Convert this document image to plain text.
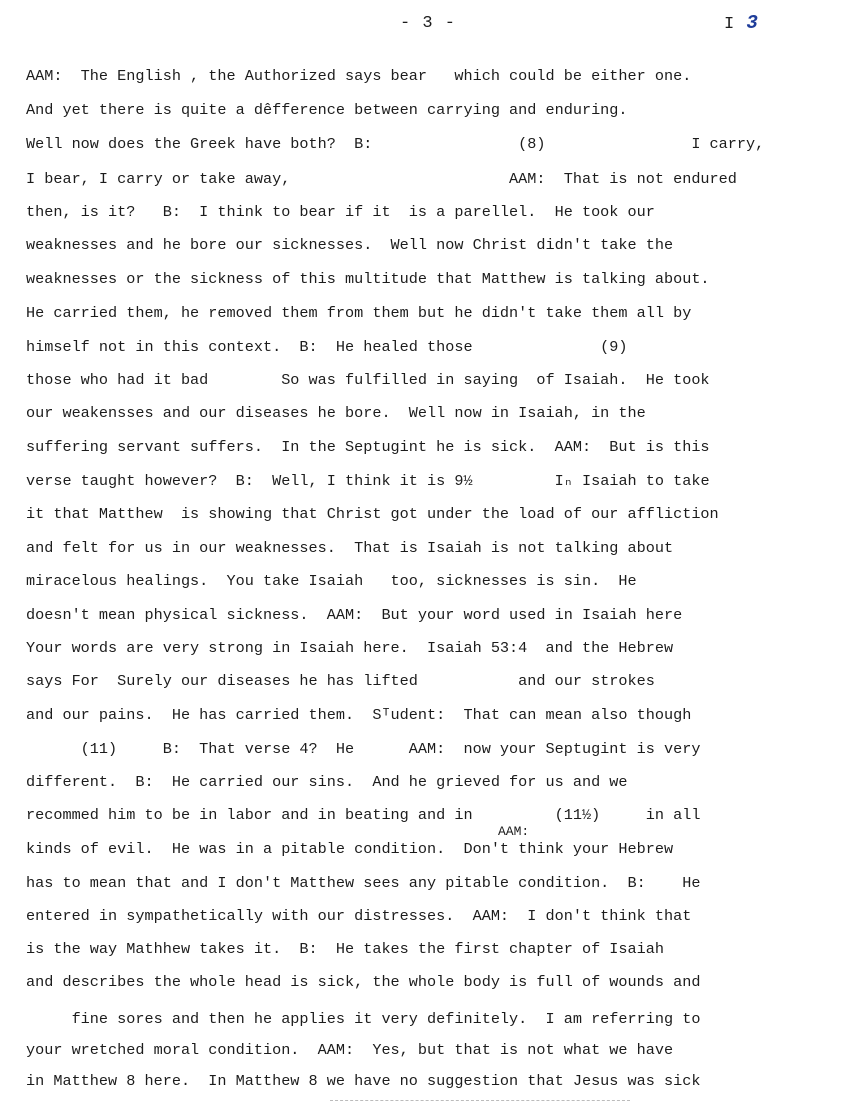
- 3 -	I 3
AAM:  The English , the Authorized says bear   which could be either one.
And yet there is quite a dêfference between carrying and enduring.
Well now does the Greek have both?  B:                (8)                I carry,
I bear, I carry or take away,                        AAM:  That is not endured
then, is it?   B:  I think to bear if it  is a parellel.  He took our
weaknesses and he bore our sicknesses.  Well now Christ didn't take the
weaknesses or the sickness of this multitude that Matthew is talking about.
He carried them, he removed them from them but he didn't take them all by
himself not in this context.  B:  He healed those              (9)
those who had it bad        So was fulfilled in saying  of Isaiah.  He took
our weakensses and our diseases he bore.  Well now in Isaiah, in the
suffering servant suffers.  In the Septugint he is sick.  AAM:  But is this
verse taught however?  B:  Well, I think it is 9½         Iₙ Isaiah to take
it that Matthew  is showing that Christ got under the load of our affliction
and felt for us in our weaknesses.  That is Isaiah is not talking about
miracelous healings.  You take Isaiah   too, sicknesses is sin.  He
doesn't mean physical sickness.  AAM:  But your word used in Isaiah here
Your words are very strong in Isaiah here.  Isaiah 53:4  and the Hebrew
says For  Surely our diseases he has lifted           and our strokes
and our pains.  He has carried them.  Sᵀudent:  That can mean also though
(11)     B:  That verse 4?  He      AAM:  now your Septugint is very
different.  B:  He carried our sins.  And he grieved for us and we
recommed him to be in labor and in beating and in         (11½)     in all
AAM:
kinds of evil.  He was in a pitable condition.  Don't think your Hebrew
has to mean that and I don't Matthew sees any pitable condition.  B:    He
entered in sympathetically with our distresses.  AAM:  I don't think that
is the way Mathhew takes it.  B:  He takes the first chapter of Isaiah
and describes the whole head is sick, the whole body is full of wounds and
fine sores and then he applies it very definitely.  I am referring to
your wretched moral condition.  AAM:  Yes, but that is not what we have
in Matthew 8 here.  In Matthew 8 we have no suggestion that Jesus was sick
